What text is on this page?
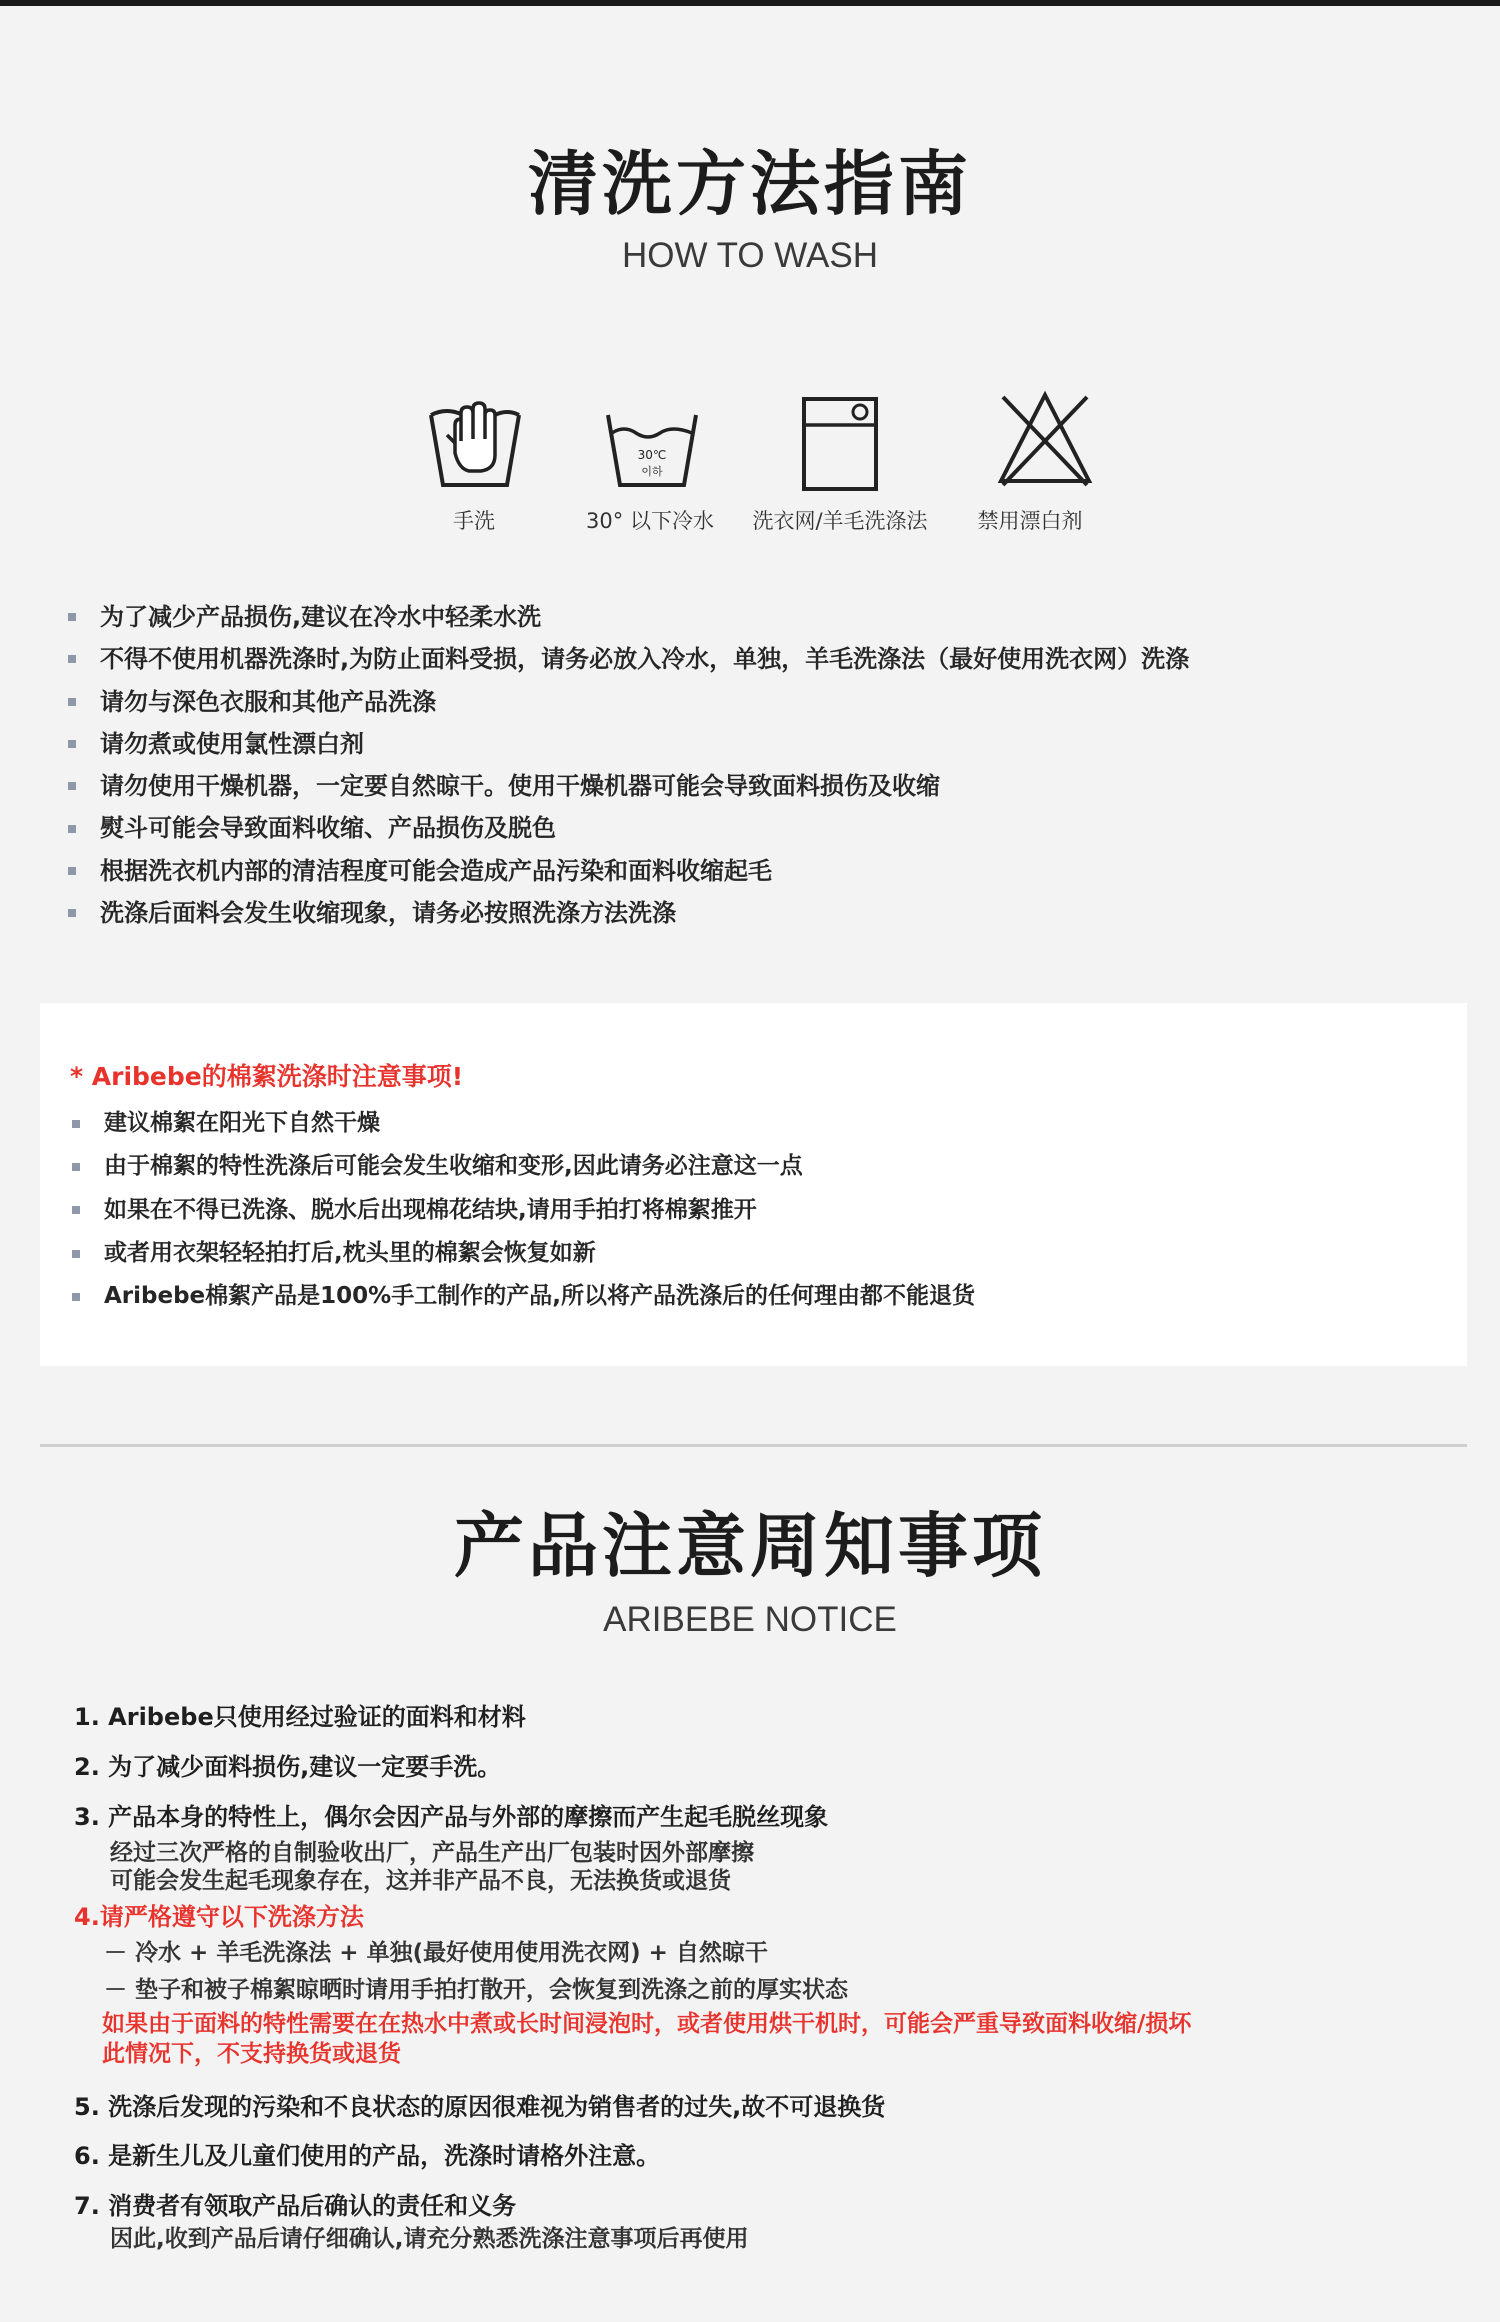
清洗方法指南
HOW TO WASH
30℃
이하
手洗	30° 以下冷水 洗衣网/羊毛洗涤法 禁用漂白剂
为了减少产品损伤,建议在冷水中轻柔水洗
不得不使用机器洗涤时,为防止面料受损，请务必放入冷水，单独，羊毛洗涤法（最好使用洗衣网）洗涤
请勿与深色衣服和其他产品洗涤
请勿煮或使用氯性漂白剂
请勿使用干燥机器，一定要自然晾干。使用干燥机器可能会导致面料损伤及收缩
熨斗可能会导致面料收缩、产品损伤及脱色
根据洗衣机内部的清洁程度可能会造成产品污染和面料收缩起毛
洗涤后面料会发生收缩现象，请务必按照洗涤方法洗涤
* Aribebe的棉絮洗涤时注意事项!
建议棉絮在阳光下自然干燥
由于棉絮的特性洗涤后可能会发生收缩和变形,因此请务必注意这一点
如果在不得已洗涤、脱水后出现棉花结块,请用手拍打将棉絮推开
或者用衣架轻轻拍打后,枕头里的棉絮会恢复如新
Aribebe棉絮产品是100%手工制作的产品,所以将产品洗涤后的任何理由都不能退货
产品注意周知事项
ARIBEBE NOTICE
1. Aribebe只使用经过验证的面料和材料
2. 为了减少面料损伤,建议一定要手洗。
3. 产品本身的特性上，偶尔会因产品与外部的摩擦而产生起毛脱丝现象
经过三次严格的自制验收出厂，产品生产出厂包装时因外部摩擦
可能会发生起毛现象存在，这并非产品不良，无法换货或退货
4.请严格遵守以下洗涤方法
－ 冷水 + 羊毛洗涤法 + 单独(最好使用使用洗衣网) + 自然晾干
－ 垫子和被子棉絮晾晒时请用手拍打散开，会恢复到洗涤之前的厚实状态
如果由于面料的特性需要在在热水中煮或长时间浸泡时，或者使用烘干机时，可能会严重导致面料收缩/损坏
此情况下，不支持换货或退货
5. 洗涤后发现的污染和不良状态的原因很难视为销售者的过失,故不可退换货
6. 是新生儿及儿童们使用的产品，洗涤时请格外注意。
7. 消费者有领取产品后确认的责任和义务
因此,收到产品后请仔细确认,请充分熟悉洗涤注意事项后再使用
